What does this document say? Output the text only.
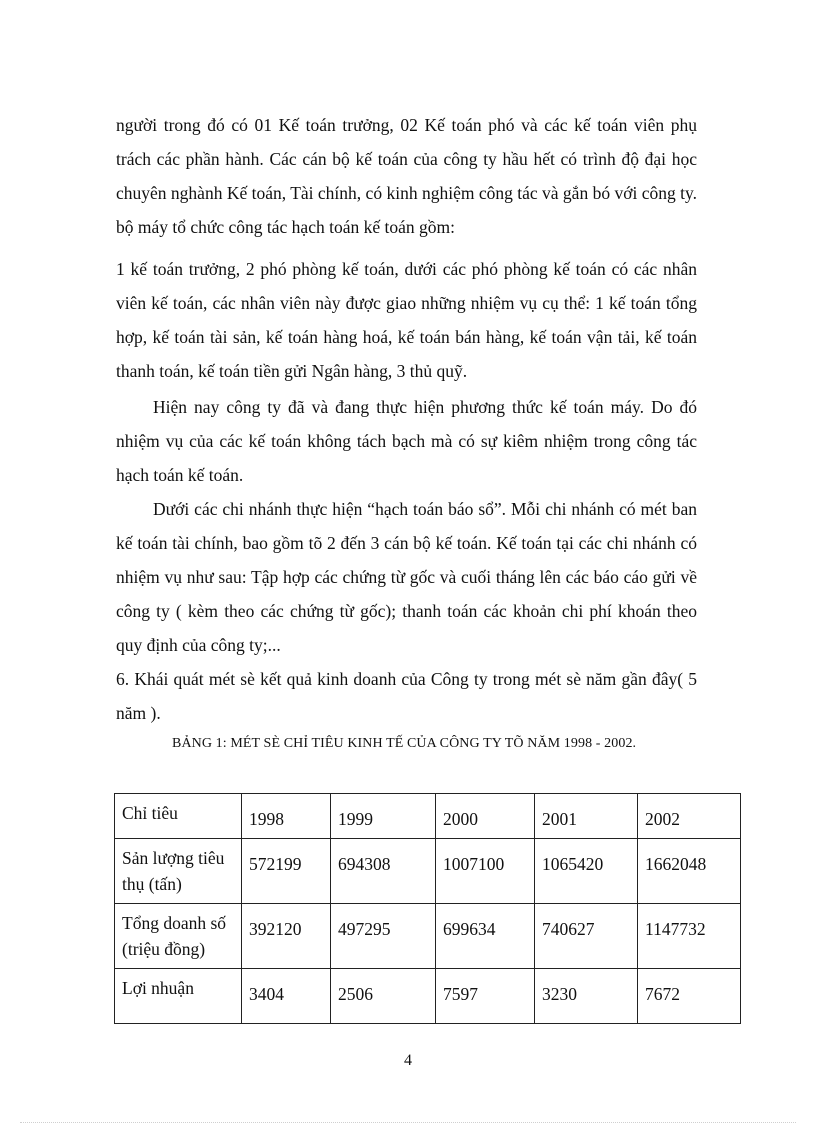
người trong đó có 01 Kế toán trưởng, 02 Kế toán phó và các kế toán viên phụ trách các phần hành. Các cán bộ kế toán của công ty hầu hết có trình độ đại học chuyên nghành Kế toán, Tài chính, có kinh nghiệm công tác và gắn bó với công ty. bộ máy tổ chức công tác hạch toán kế toán gồm:

1 kế toán trưởng, 2 phó phòng kế toán, dưới các phó phòng kế toán có các nhân viên kế toán, các nhân viên này được giao những nhiệm vụ cụ thể: 1 kế toán tổng hợp, kế toán tài sản, kế toán hàng hoá, kế toán bán hàng, kế toán vận tải, kế toán thanh toán, kế toán tiền gửi Ngân hàng, 3 thủ quỹ.

Hiện nay công ty đã và đang thực hiện phương thức kế toán máy. Do đó nhiệm vụ của các kế toán không tách bạch mà có sự kiêm nhiệm trong công tác hạch toán kế toán.

Dưới các chi nhánh thực hiện “hạch toán báo sổ”. Mỗi chi nhánh có mét ban kế toán tài chính, bao gồm tõ 2 đến 3 cán bộ kế toán. Kế toán tại các chi nhánh có nhiệm vụ như sau: Tập hợp các chứng từ gốc và cuối tháng lên các báo cáo gửi về công ty ( kèm theo các chứng từ gốc); thanh toán các khoản chi phí khoán theo quy định của công ty;...

6. Khái quát mét sè kết quả kinh doanh của Công ty trong mét sè năm gần đây( 5 năm ).

BẢNG 1: MÉT SÈ CHỈ TIÊU KINH TẾ CỦA CÔNG TY TÕ NĂM 1998 - 2002.
Chỉ tiêu	1998	1999	2000	2001	2002
Sản lượng tiêu thụ (tấn)	572199	694308	1007100	1065420	1662048
Tổng doanh số (triệu đồng)	392120	497295	699634	740627	1147732
Lợi nhuận	3404	2506	7597	3230	7672
4
